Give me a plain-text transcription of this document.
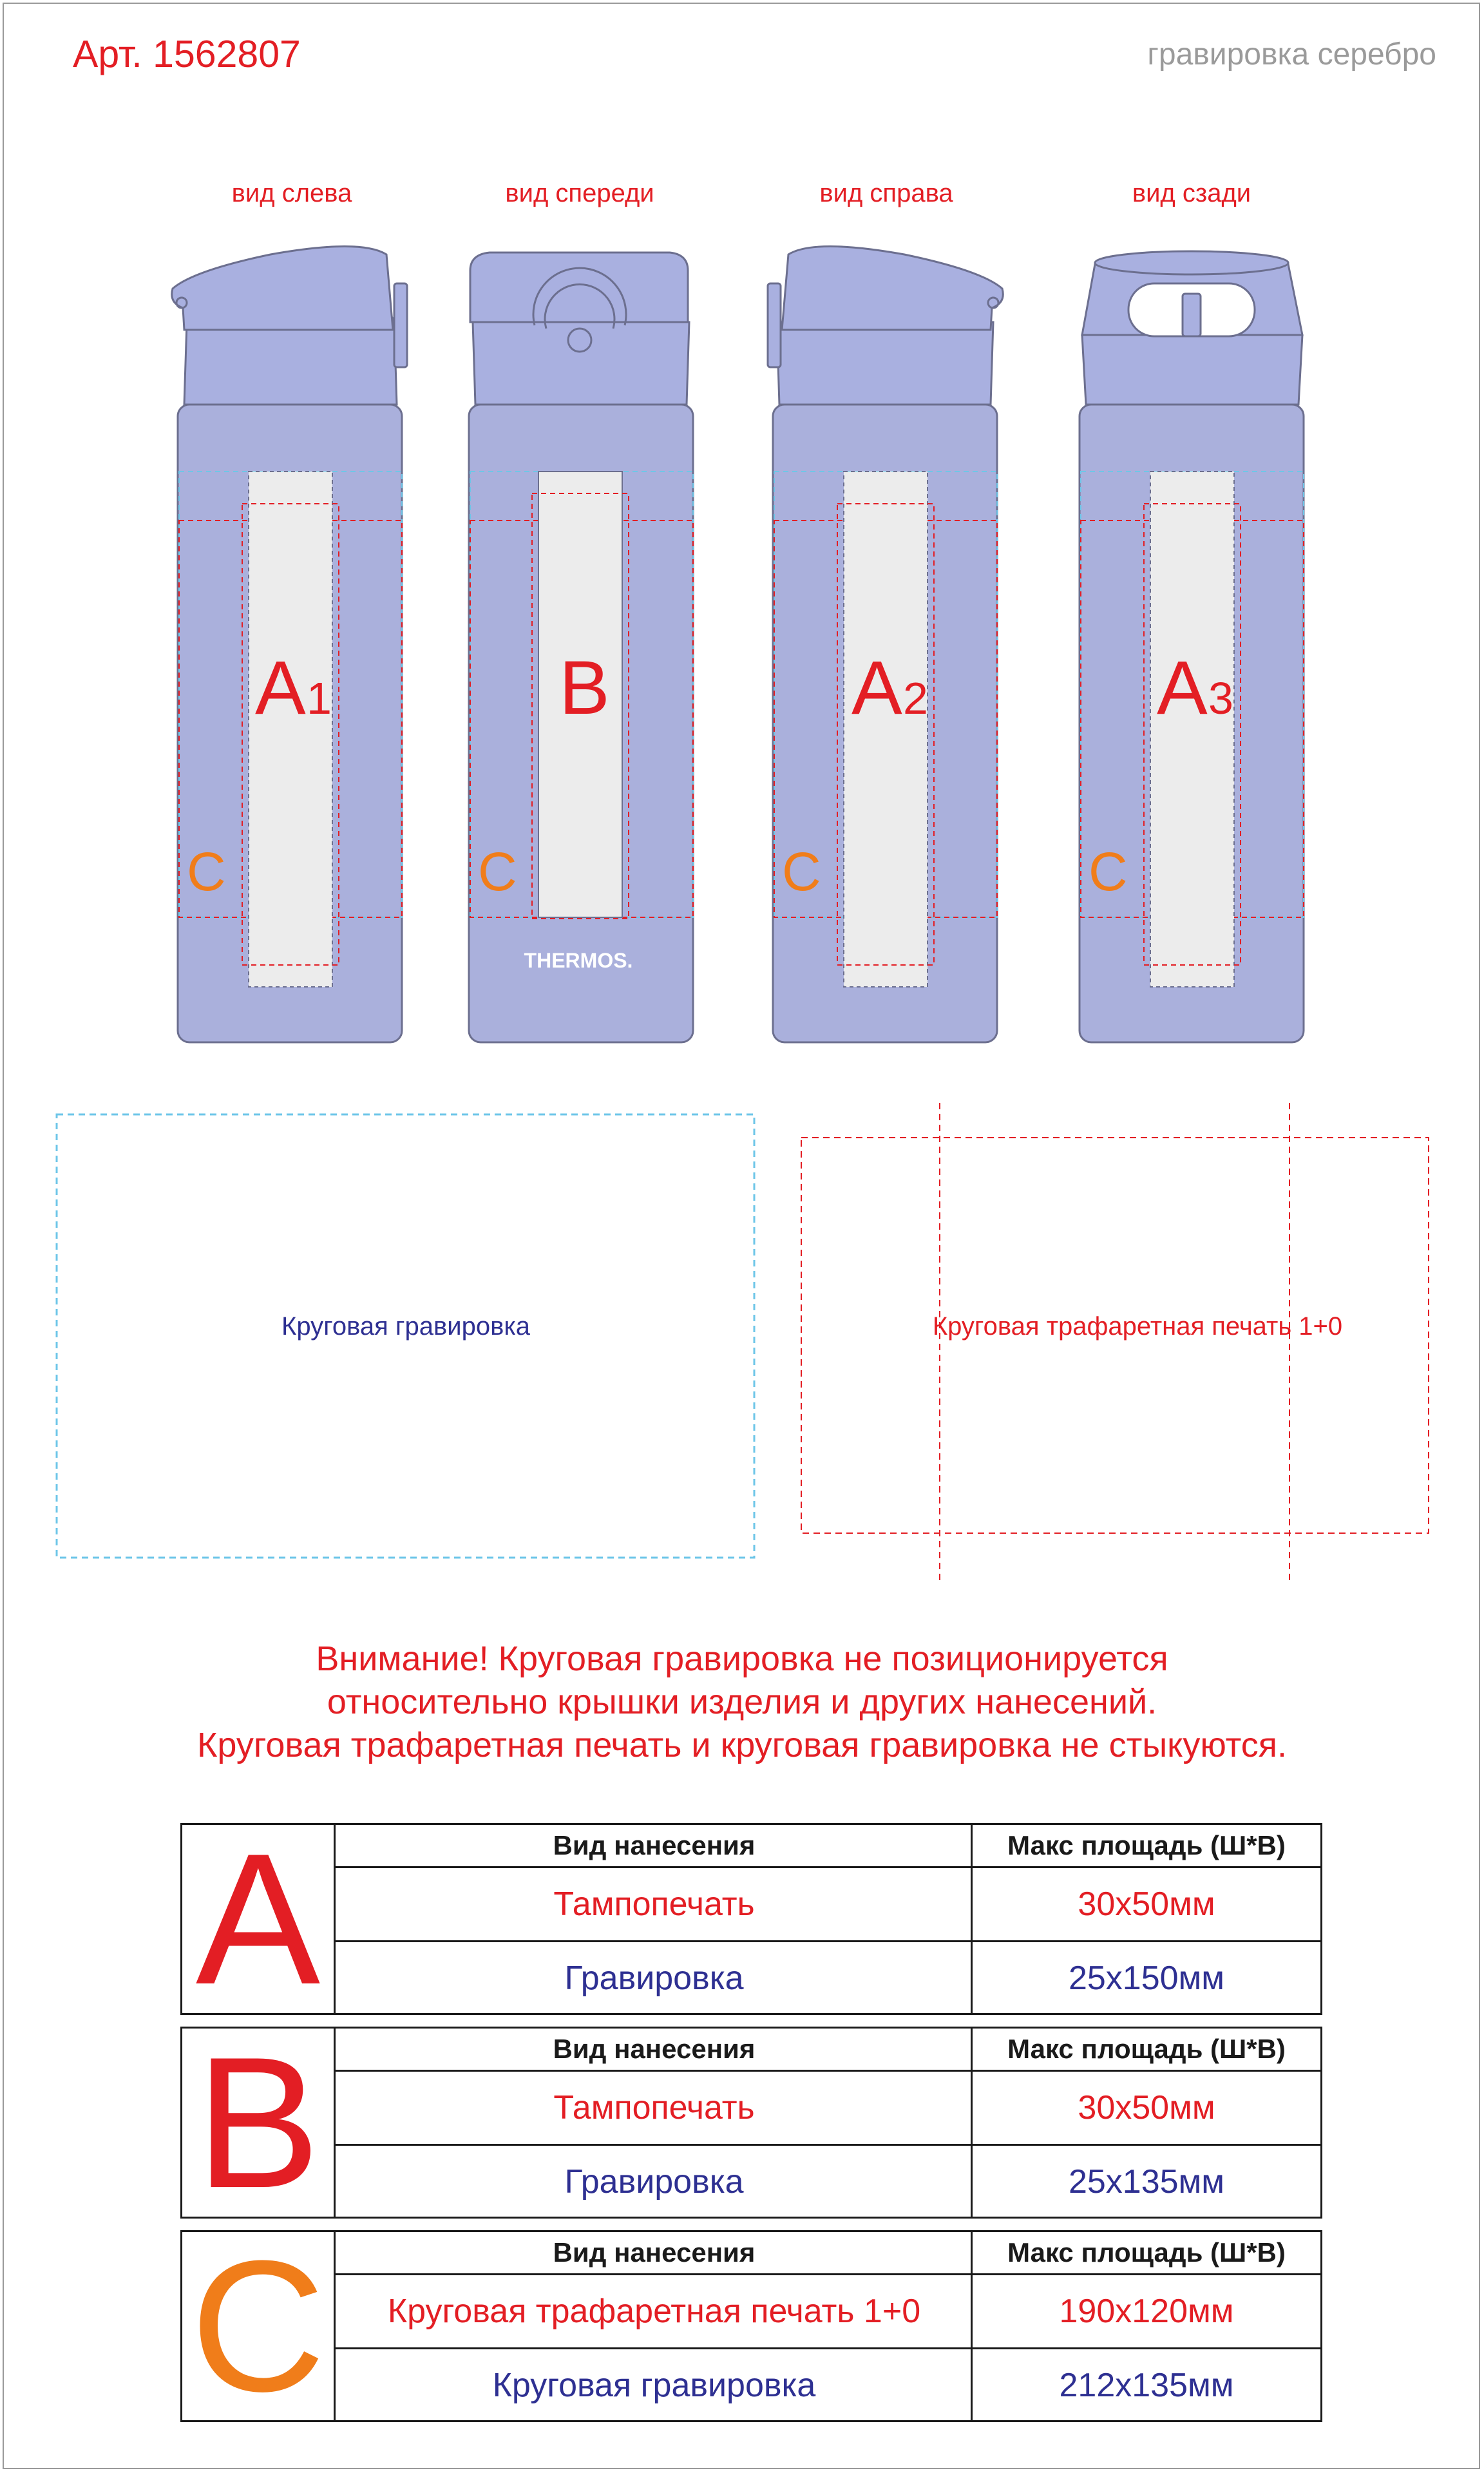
Арт. 1562807	гравировка серебро
вид слева	вид спереди	вид справа	вид сзади
A 1
C
B
C
THERMOS.
A 2
C
A 3
C
Круговая гравировка	Круговая трафаретная печать 1+0
Внимание! Круговая гравировка не позиционируется
относительно крышки изделия и других нанесений.
Круговая трафаретная печать и круговая гравировка не стыкуются.
A	Вид нанесения	Макс площадь (Ш*В)
Тампопечать	30x50мм
Гравировка	25x150мм
B	Вид нанесения	Макс площадь (Ш*В)
Тампопечать	30x50мм
Гравировка	25x135мм
C	Вид нанесения	Макс площадь (Ш*В)
Круговая трафаретная печать 1+0	190x120мм
Круговая гравировка	212x135мм
